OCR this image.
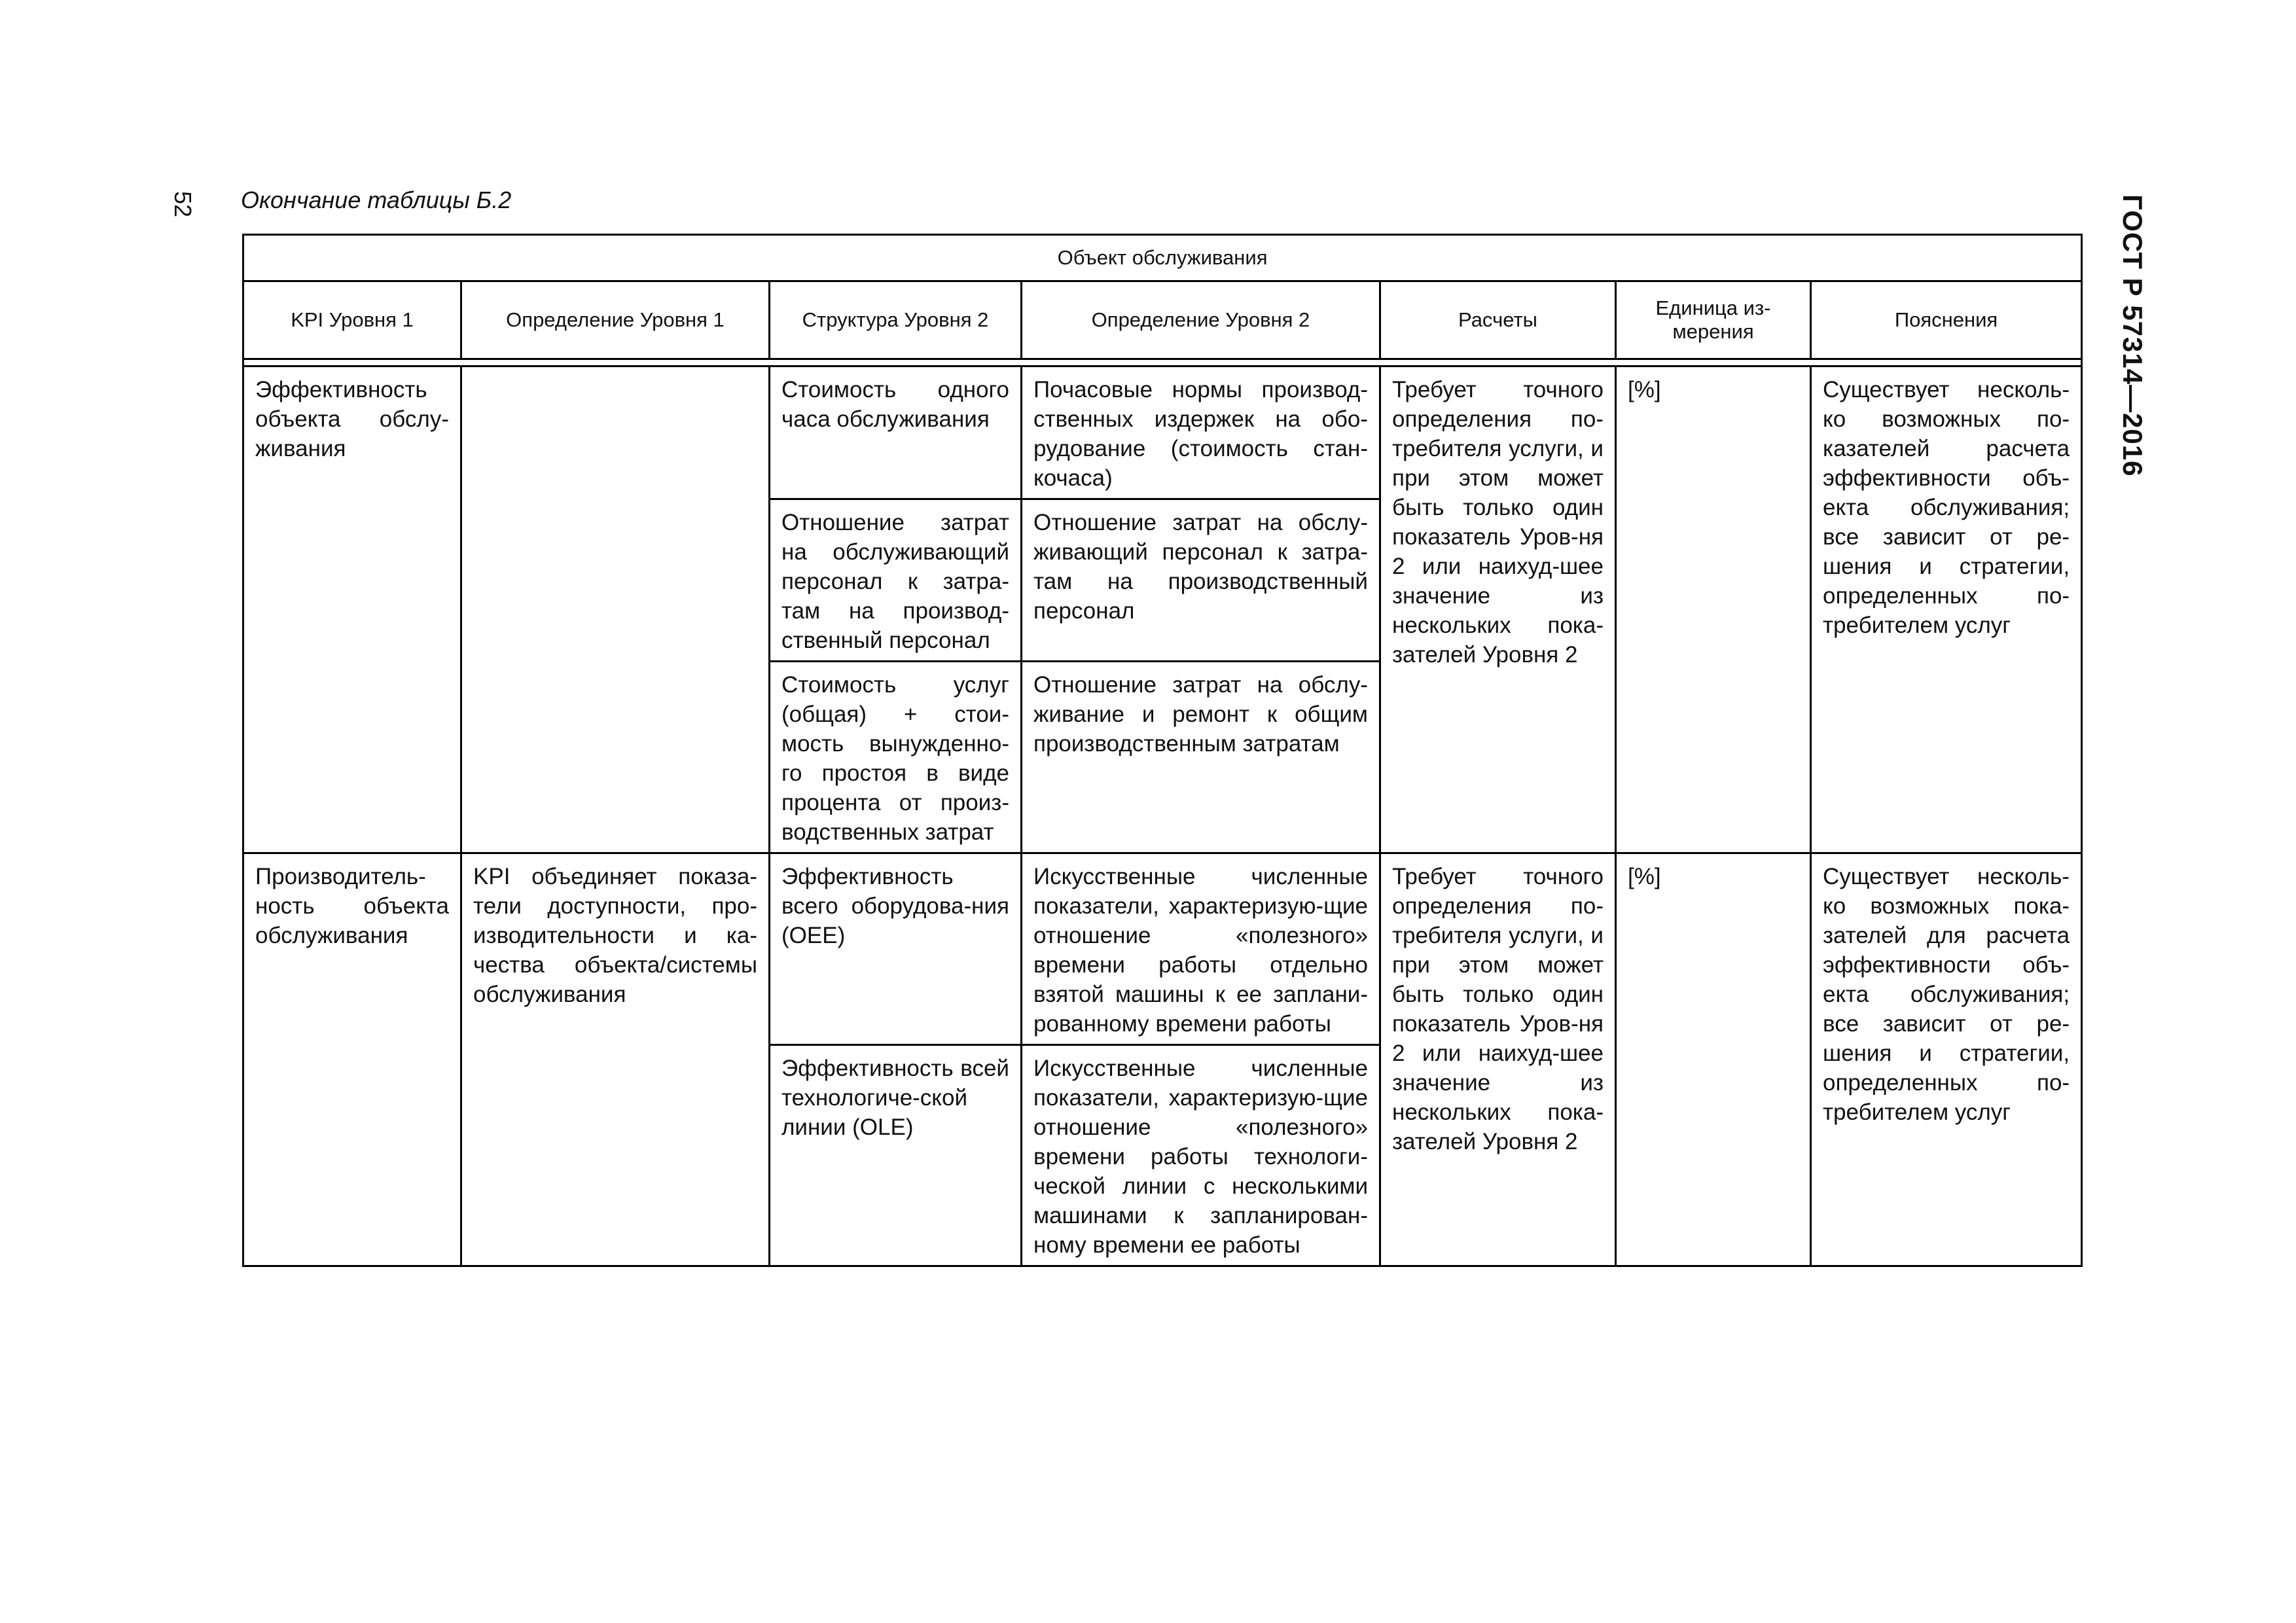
52 Окончание таблицы Б.2	ГОСТ Р 57314—2016
Объект обслуживания						
KPI Уровня 1	Определение Уровня 1	Структура Уровня 2	Определение Уровня 2	Расчеты	Единица из-мерения	Пояснения

Эффективность объекта обслу-живания		Стоимость одного часа обслуживания	Почасовые нормы производ-ственных издержек на обо-рудование (стоимость стан-кочаса)	Требует точного определения по-требителя услуги, и при этом может быть только один показатель Уров-ня 2 или наихуд-шее значение из нескольких пока-зателей Уровня 2	[%]	Существует несколь-ко возможных по-казателей расчета эффективности объ-екта обслуживания; все зависит от ре-шения и стратегии, определенных по-требителем услуг
		Отношение затрат на обслуживающий персонал к затра-там на производ-ственный персонал	Отношение затрат на обслу-живающий персонал к затра-там на производственный персонал			
		Стоимость услуг (общая) + стои-мость вынужденно-го простоя в виде процента от произ-водственных затрат	Отношение затрат на обслу-живание и ремонт к общим производственным затратам			
Производитель-ность объекта обслуживания	KPI объединяет показа-тели доступности, про-изводительности и ка-чества объекта/системы обслуживания	Эффективность всего оборудова-ния (OEE)	Искусственные численные показатели, характеризую-щие отношение «полезного» времени работы отдельно взятой машины к ее заплани-рованному времени работы	Требует точного определения по-требителя услуги, и при этом может быть только один показатель Уров-ня 2 или наихуд-шее значение из нескольких пока-зателей Уровня 2	[%]	Существует несколь-ко возможных пока-зателей для расчета эффективности объ-екта обслуживания; все зависит от ре-шения и стратегии, определенных по-требителем услуг
		Эффективность всей технологиче-ской линии (OLE)	Искусственные численные показатели, характеризую-щие отношение «полезного» времени работы технологи-ческой линии с несколькими машинами к запланирован-ному времени ее работы			
